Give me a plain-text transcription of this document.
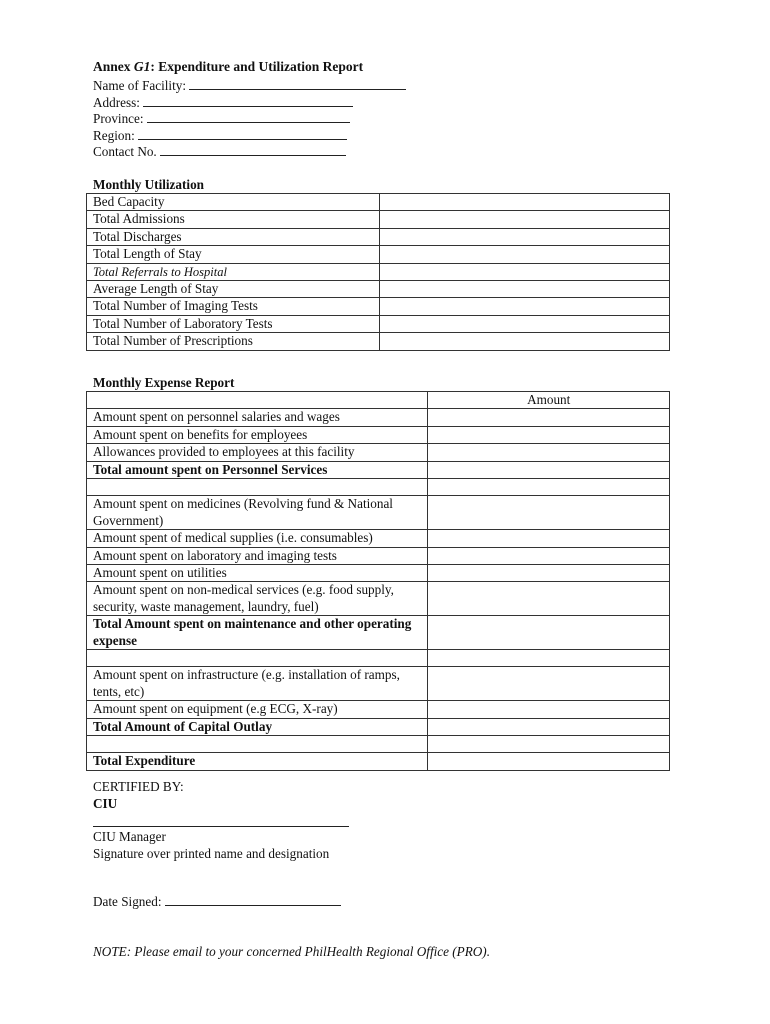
Annex G1: Expenditure and Utilization Report
Name of Facility:
Address:
Province:
Region:
Contact No.
Monthly Utilization
Bed Capacity	
Total Admissions	
Total Discharges	
Total Length of Stay	
Total Referrals to Hospital	
Average Length of Stay	
Total Number of Imaging Tests	
Total Number of Laboratory Tests	
Total Number of Prescriptions	
Monthly Expense Report
	Amount
Amount spent on personnel salaries and wages	
Amount spent on benefits for employees	
Allowances provided to employees at this facility	
Total amount spent on Personnel Services	

Amount spent on medicines (Revolving fund & National Government)	
Amount spent of medical supplies (i.e. consumables)	
Amount spent on laboratory and imaging tests	
Amount spent on utilities	
Amount spent on non-medical services (e.g. food supply, security, waste management, laundry, fuel)	
Total Amount spent on maintenance and other operating expense	

Amount spent on infrastructure (e.g. installation of ramps, tents, etc)	
Amount spent on equipment (e.g ECG, X-ray)	
Total Amount of Capital Outlay	

Total Expenditure	
CERTIFIED BY:
CIU
CIU Manager
Signature over printed name and designation
Date Signed:
NOTE: Please email to your concerned PhilHealth Regional Office (PRO).
